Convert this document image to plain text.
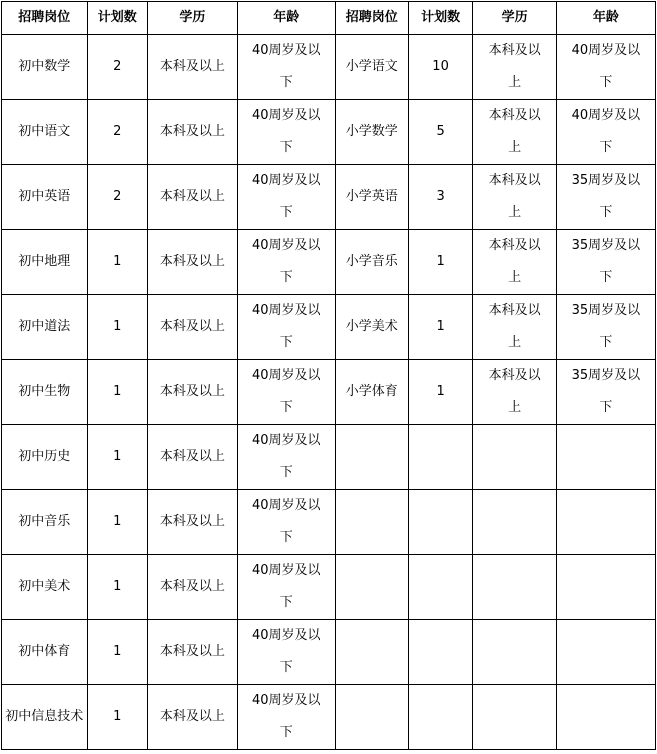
招聘岗位	计划数	学历	年龄	招聘岗位	计划数	学历	年龄
初中数学	2	本科及以上	40周岁及以下	小学语文	10	本科及以上	40周岁及以下

初中语文	2	本科及以上	40周岁及以下	小学数学	5	本科及以上	40周岁及以下

初中英语	2	本科及以上	40周岁及以下	小学英语	3	本科及以上	35周岁及以下

初中地理	1	本科及以上	40周岁及以下	小学音乐	1	本科及以上	35周岁及以下

初中道法	1	本科及以上	40周岁及以下	小学美术	1	本科及以上	35周岁及以下

初中生物	1	本科及以上	40周岁及以下	小学体育	1	本科及以上	35周岁及以下

初中历史	1	本科及以上	40周岁及以下				

初中音乐	1	本科及以上	40周岁及以下				

初中美术	1	本科及以上	40周岁及以下				

初中体育	1	本科及以上	40周岁及以下				

初中信息技术	1	本科及以上	40周岁及以下				
